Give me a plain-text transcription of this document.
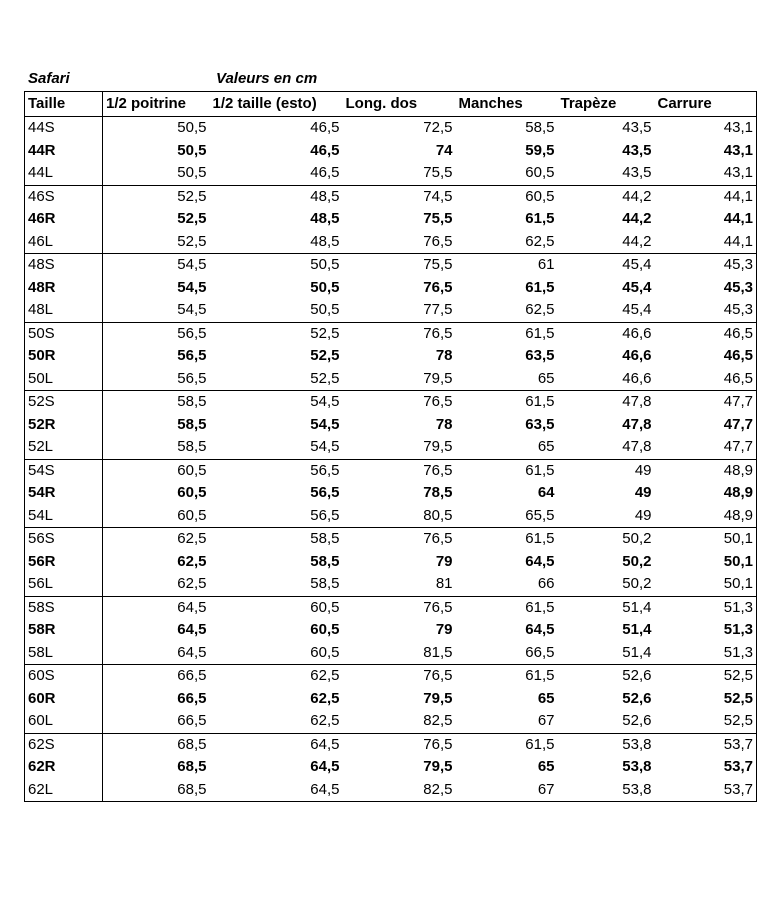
Safari	Valeurs en cm
Taille	1/2 poitrine	1/2 taille (esto)	Long. dos	Manches	Trapèze	Carrure
44S	50,5	46,5	72,5	58,5	43,5	43,1
44R	50,5	46,5	74	59,5	43,5	43,1
44L	50,5	46,5	75,5	60,5	43,5	43,1
46S	52,5	48,5	74,5	60,5	44,2	44,1
46R	52,5	48,5	75,5	61,5	44,2	44,1
46L	52,5	48,5	76,5	62,5	44,2	44,1
48S	54,5	50,5	75,5	61	45,4	45,3
48R	54,5	50,5	76,5	61,5	45,4	45,3
48L	54,5	50,5	77,5	62,5	45,4	45,3
50S	56,5	52,5	76,5	61,5	46,6	46,5
50R	56,5	52,5	78	63,5	46,6	46,5
50L	56,5	52,5	79,5	65	46,6	46,5
52S	58,5	54,5	76,5	61,5	47,8	47,7
52R	58,5	54,5	78	63,5	47,8	47,7
52L	58,5	54,5	79,5	65	47,8	47,7
54S	60,5	56,5	76,5	61,5	49	48,9
54R	60,5	56,5	78,5	64	49	48,9
54L	60,5	56,5	80,5	65,5	49	48,9
56S	62,5	58,5	76,5	61,5	50,2	50,1
56R	62,5	58,5	79	64,5	50,2	50,1
56L	62,5	58,5	81	66	50,2	50,1
58S	64,5	60,5	76,5	61,5	51,4	51,3
58R	64,5	60,5	79	64,5	51,4	51,3
58L	64,5	60,5	81,5	66,5	51,4	51,3
60S	66,5	62,5	76,5	61,5	52,6	52,5
60R	66,5	62,5	79,5	65	52,6	52,5
60L	66,5	62,5	82,5	67	52,6	52,5
62S	68,5	64,5	76,5	61,5	53,8	53,7
62R	68,5	64,5	79,5	65	53,8	53,7
62L	68,5	64,5	82,5	67	53,8	53,7
